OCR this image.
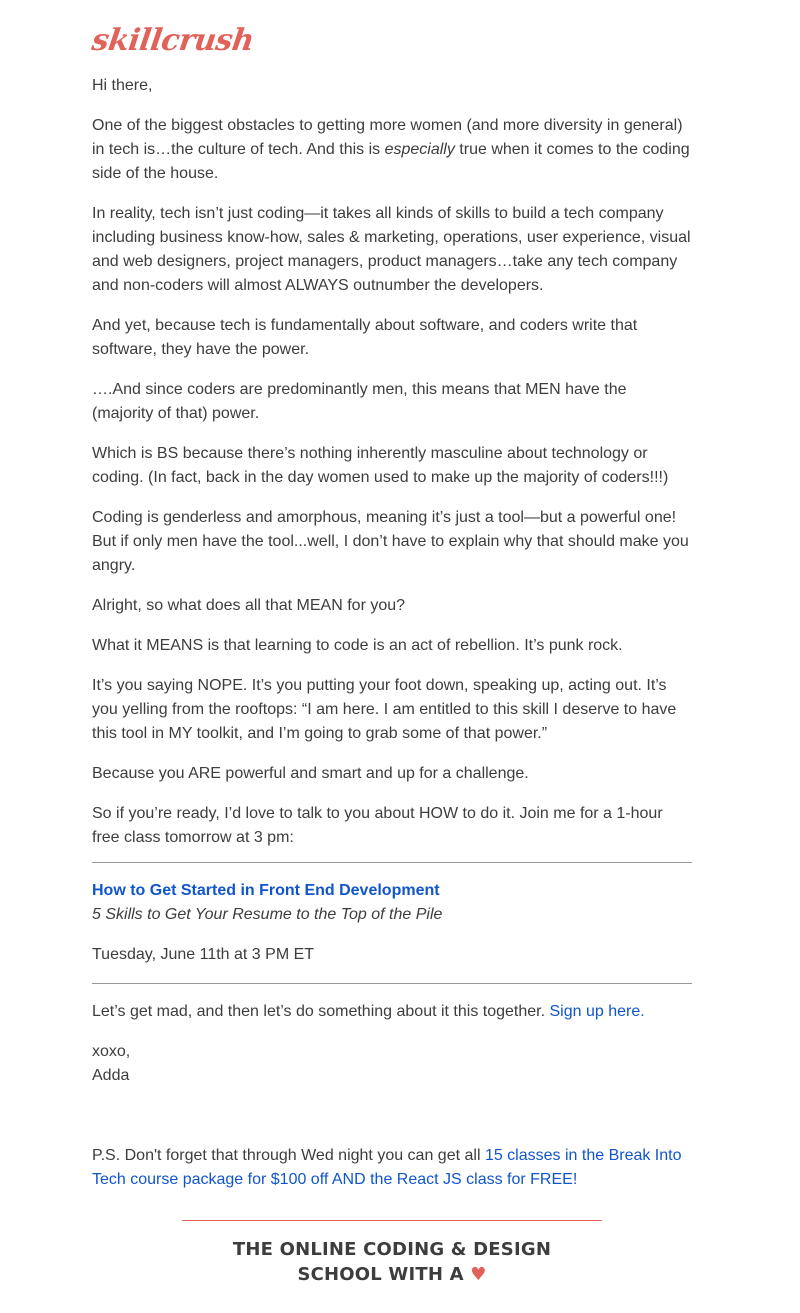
skillcrush

Hi there,

One of the biggest obstacles to getting more women (and more diversity in general) in tech is…the culture of tech. And this is especially true when it comes to the coding side of the house.

In reality, tech isn’t just coding—it takes all kinds of skills to build a tech company including business know-how, sales & marketing, operations, user experience, visual and web designers, project managers, product managers…take any tech company and non-coders will almost ALWAYS outnumber the developers.

And yet, because tech is fundamentally about software, and coders write that software, they have the power.

….And since coders are predominantly men, this means that MEN have the (majority of that) power.

Which is BS because there’s nothing inherently masculine about technology or coding. (In fact, back in the day women used to make up the majority of coders!!!)

Coding is genderless and amorphous, meaning it’s just a tool—but a powerful one! But if only men have the tool...well, I don’t have to explain why that should make you angry.

Alright, so what does all that MEAN for you?

What it MEANS is that learning to code is an act of rebellion. It’s punk rock.

It’s you saying NOPE. It’s you putting your foot down, speaking up, acting out. It’s you yelling from the rooftops: “I am here. I am entitled to this skill I deserve to have this tool in MY toolkit, and I’m going to grab some of that power.”

Because you ARE powerful and smart and up for a challenge.

So if you’re ready, I’d love to talk to you about HOW to do it. Join me for a 1-hour free class tomorrow at 3 pm:

How to Get Started in Front End Development
5 Skills to Get Your Resume to the Top of the Pile

Tuesday, June 11th at 3 PM ET

Let’s get mad, and then let’s do something about it this together. Sign up here.

xoxo,
Adda

P.S. Don't forget that through Wed night you can get all 15 classes in the Break Into Tech course package for $100 off AND the React JS class for FREE!

THE ONLINE CODING & DESIGN
SCHOOL WITH A ♥
